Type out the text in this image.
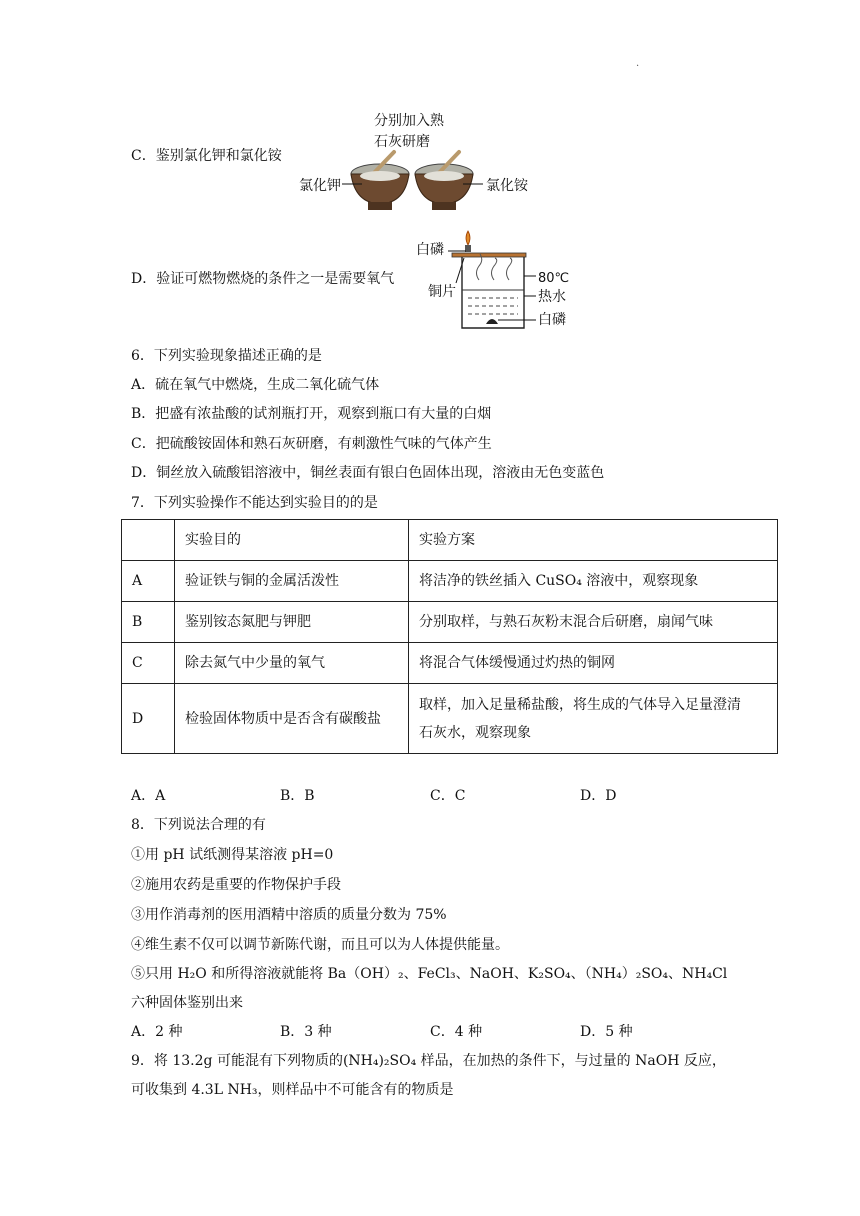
.
C．鉴别氯化钾和氯化铵
分别加入熟
石灰研磨
氯化钾	氯化铵
D．验证可燃物燃烧的条件之一是需要氧气
白磷
铜片
80℃
热水
白磷
6．下列实验现象描述正确的是
A．硫在氧气中燃烧，生成二氧化硫气体
B．把盛有浓盐酸的试剂瓶打开，观察到瓶口有大量的白烟
C．把硫酸铵固体和熟石灰研磨，有刺激性气味的气体产生
D．铜丝放入硫酸铝溶液中，铜丝表面有银白色固体出现，溶液由无色变蓝色
7．下列实验操作不能达到实验目的的是
	实验目的	实验方案
A	验证铁与铜的金属活泼性	将洁净的铁丝插入 CuSO₄ 溶液中，观察现象
B	鉴别铵态氮肥与钾肥	分别取样，与熟石灰粉末混合后研磨，扇闻气味
C	除去氮气中少量的氧气	将混合气体缓慢通过灼热的铜网
D	检验固体物质中是否含有碳酸盐	取样，加入足量稀盐酸，将生成的气体导入足量澄清
石灰水，观察现象
A．A	B．B	C．C	D．D
8．下列说法合理的有
①用 pH 试纸测得某溶液 pH=0
②施用农药是重要的作物保护手段
③用作消毒剂的医用酒精中溶质的质量分数为 75%
④维生素不仅可以调节新陈代谢，而且可以为人体提供能量。
⑤只用 H₂O 和所得溶液就能将 Ba（OH）₂、FeCl₃、NaOH、K₂SO₄、（NH₄）₂SO₄、NH₄Cl
六种固体鉴别出来
A．2 种	B．3 种	C．4 种	D．5 种
9．将 13.2g 可能混有下列物质的(NH₄)₂SO₄ 样品，在加热的条件下，与过量的 NaOH 反应，
可收集到 4.3L NH₃，则样品中不可能含有的物质是
